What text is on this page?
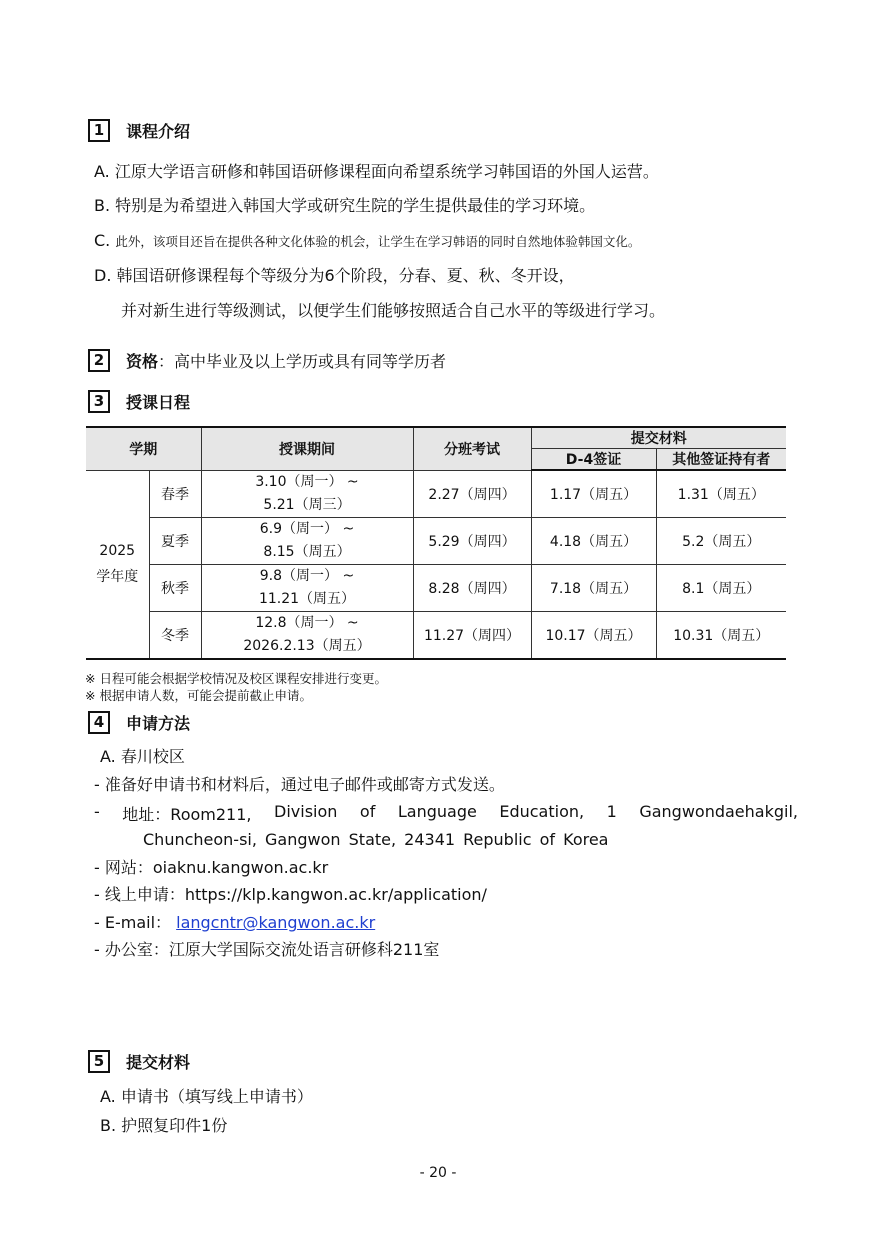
1	课程介绍
A. 江原大学语言研修和韩国语研修课程面向希望系统学习韩国语的外国人运营。
B. 特别是为希望进入韩国大学或研究生院的学生提供最佳的学习环境。
C. 此外，该项目还旨在提供各种文化体验的机会，让学生在学习韩语的同时自然地体验韩国文化。
D. 韩国语研修课程每个等级分为6个阶段，分春、夏、秋、冬开设，
并对新生进行等级测试，以便学生们能够按照适合自己水平的等级进行学习。
2	资格 ：高中毕业及以上学历或具有同等学历者
3	授课日程
学期		授课期间	分班考试	提交材料	
				D-4签证	其他签证持有者
2025
学年度	春季	3.10（周一） ~
5.21（周三）	2.27（周四）	1.17（周五）	1.31（周五）
	夏季	6.9（周一） ~
8.15（周五）	5.29（周四）	4.18（周五）	5.2（周五）
	秋季	9.8（周一） ~
11.21（周五）	8.28（周四）	7.18（周五）	8.1（周五）
	冬季	12.8（周一） ~
2026.2.13（周五）	11.27（周四）	10.17（周五）	10.31（周五）
※ 日程可能会根据学校情况及校区课程安排进行变更。
※ 根据申请人数，可能会提前截止申请。
4	申请方法
A. 春川校区
- 准备好申请书和材料后，通过电子邮件或邮寄方式发送。
- 地址：Room211, Division of Language Education, 1 Gangwondaehakgil,
Chuncheon-si, Gangwon State, 24341 Republic of Korea
- 网站：oiaknu.kangwon.ac.kr
- 线上申请：https://klp.kangwon.ac.kr/application/
- E-mail： langcntr@kangwon.ac.kr
- 办公室：江原大学国际交流处语言研修科211室
5	提交材料
A. 申请书（填写线上申请书）
B. 护照复印件1份
- 20 -
